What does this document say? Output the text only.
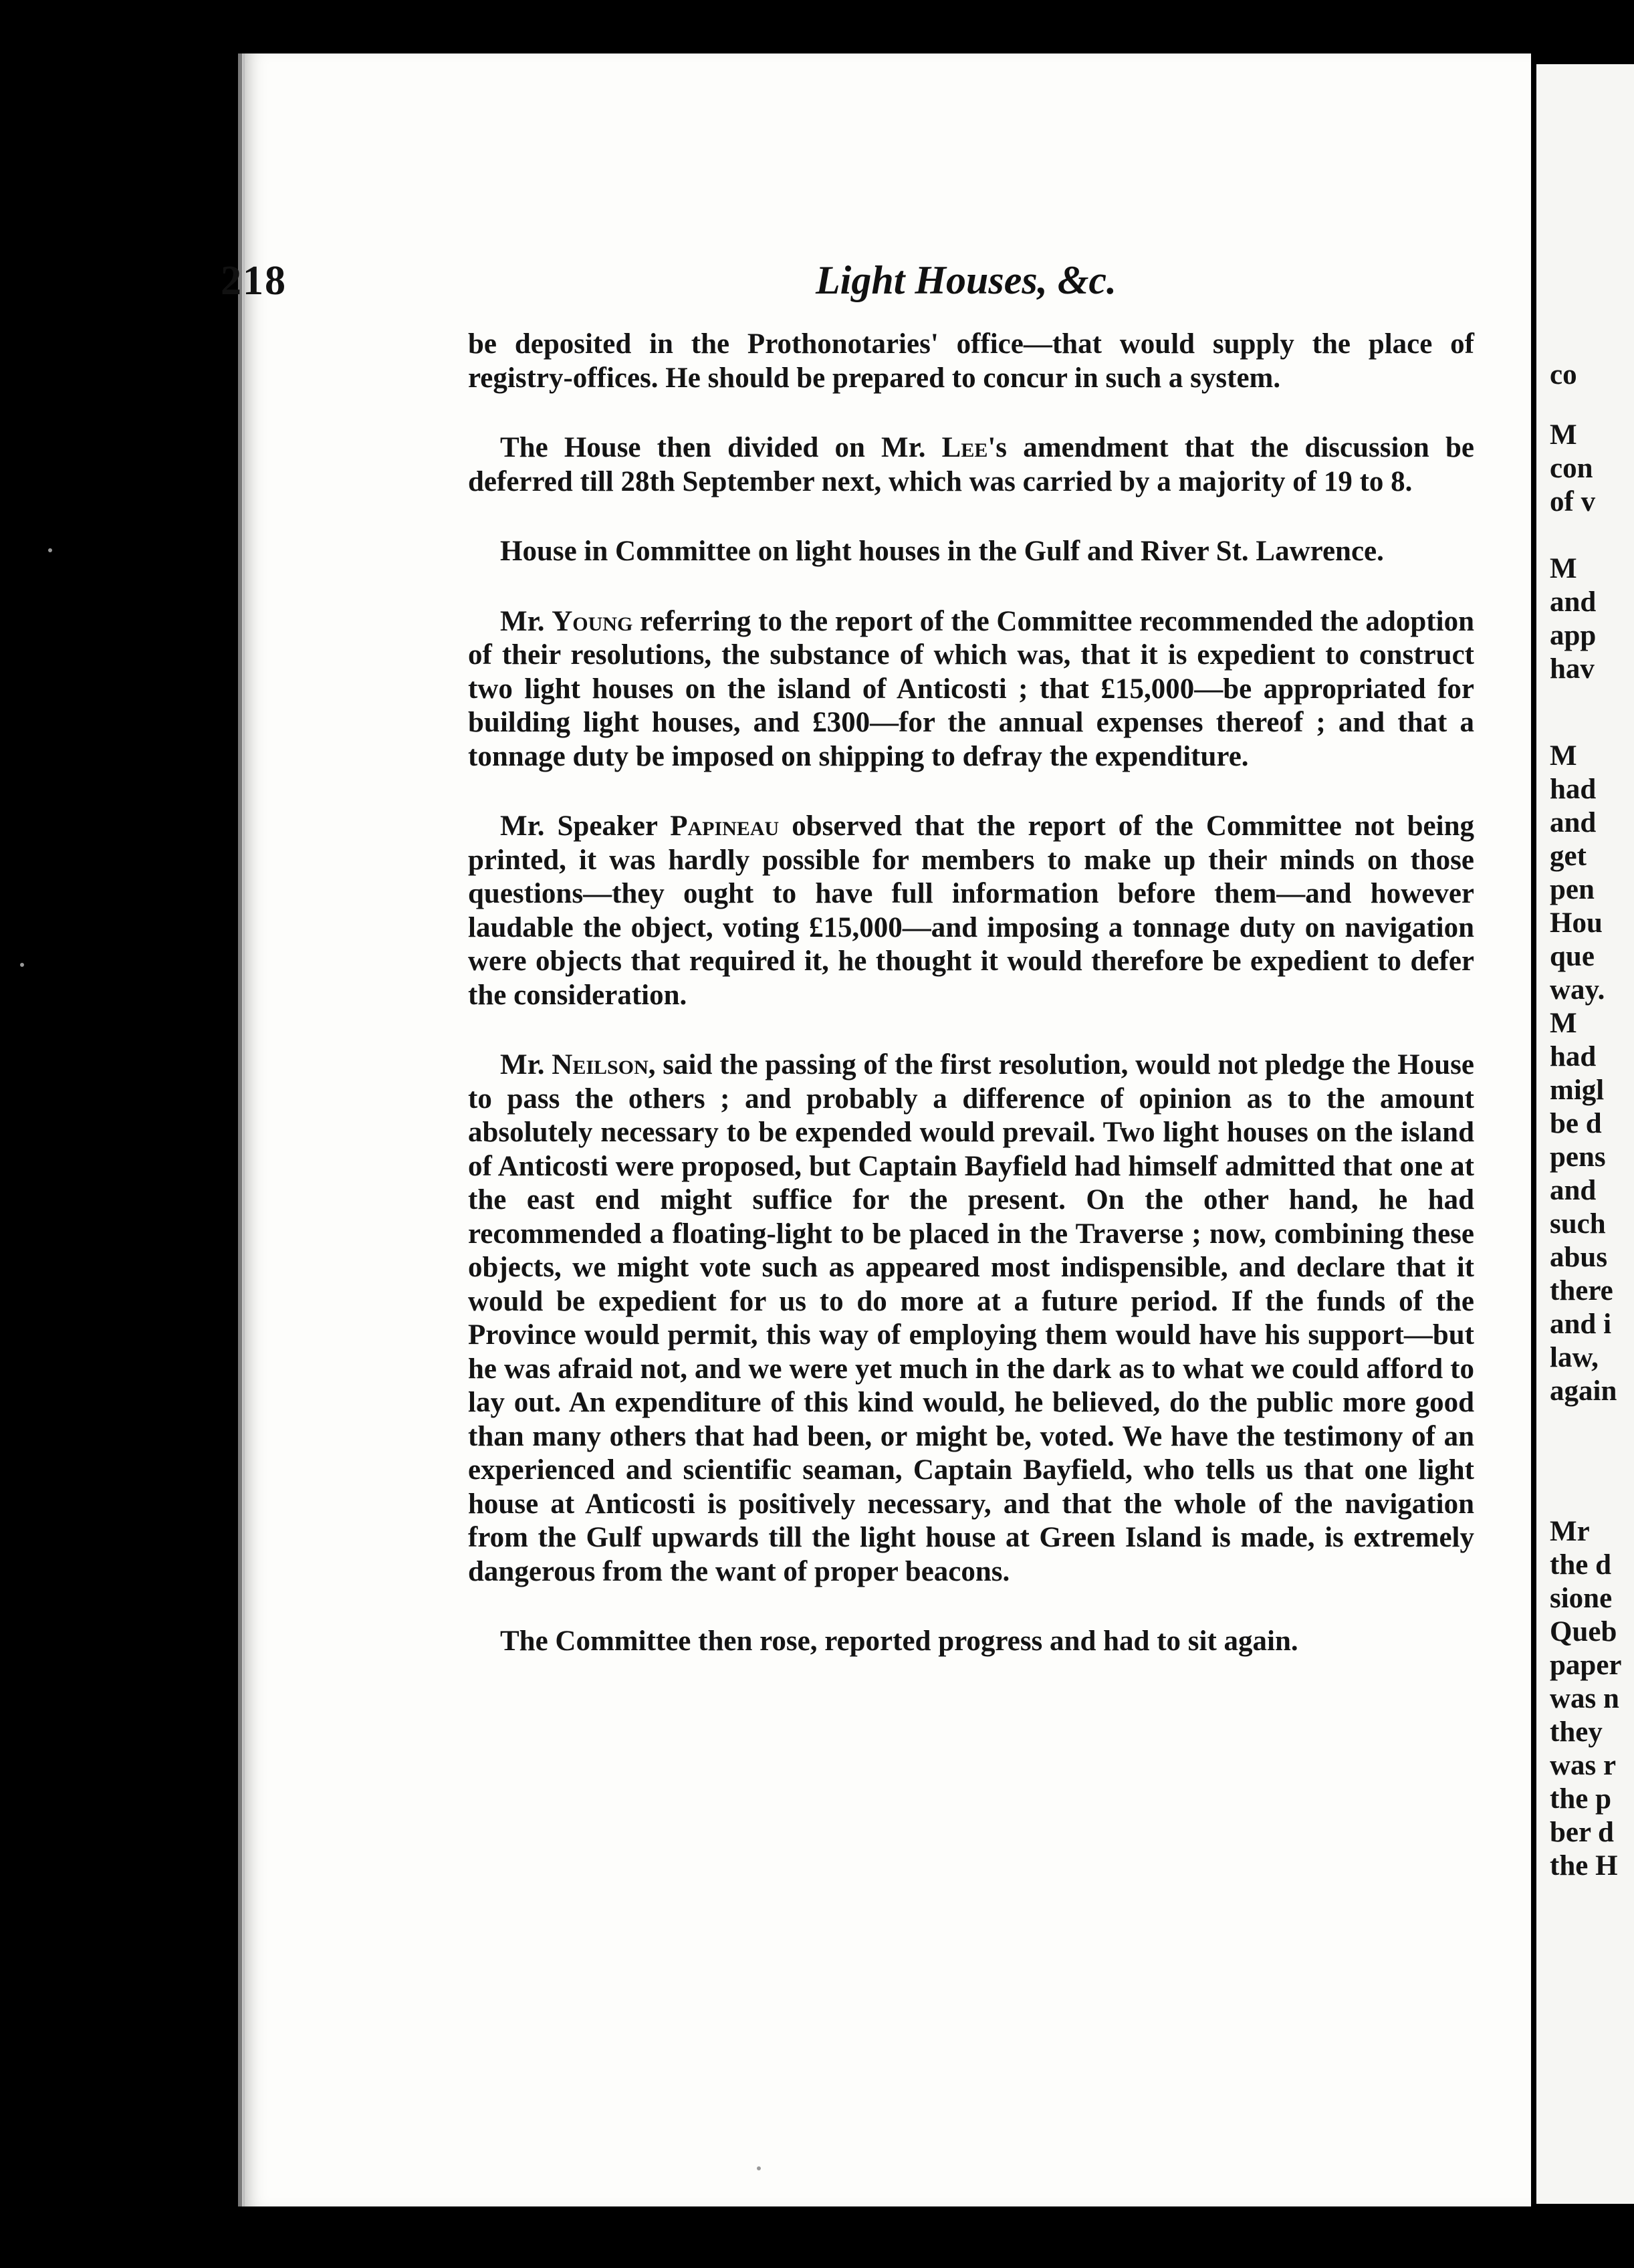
218	Light Houses, &c.

be deposited in the Prothonotaries' office—that would supply the place of registry-offices. He should be prepared to concur in such a system.

The House then divided on Mr. Lee's amendment that the discussion be deferred till 28th September next, which was carried by a majority of 19 to 8.

House in Committee on light houses in the Gulf and River St. Lawrence.

Mr. Young referring to the report of the Committee recommended the adoption of their resolutions, the substance of which was, that it is expedient to construct two light houses on the island of Anticosti ; that £15,000—be appropriated for building light houses, and £300—for the annual expenses thereof ; and that a tonnage duty be imposed on shipping to defray the expenditure.

Mr. Speaker Papineau observed that the report of the Committee not being printed, it was hardly possible for members to make up their minds on those questions—they ought to have full information before them—and however laudable the object, voting £15,000—and imposing a tonnage duty on navigation were objects that required it, he thought it would therefore be expedient to defer the consideration.

Mr. Neilson, said the passing of the first resolution, would not pledge the House to pass the others ; and probably a difference of opinion as to the amount absolutely necessary to be expended would prevail. Two light houses on the island of Anticosti were proposed, but Captain Bayfield had himself admitted that one at the east end might suffice for the present. On the other hand, he had recommended a floating-light to be placed in the Traverse ; now, combining these objects, we might vote such as appeared most indispensible, and declare that it would be expedient for us to do more at a future period. If the funds of the Province would permit, this way of employing them would have his support—but he was afraid not, and we were yet much in the dark as to what we could afford to lay out. An expenditure of this kind would, he believed, do the public more good than many others that had been, or might be, voted. We have the testimony of an experienced and scientific seaman, Captain Bayfield, who tells us that one light house at Anticosti is positively necessary, and that the whole of the navigation from the Gulf upwards till the light house at Green Island is made, is extremely dangerous from the want of proper beacons.

The Committee then rose, reported progress and had to sit again.

co
M
con
of v
M
and
app
hav
M
had
and
get
pen
Hou
que
way.
M
had
migl
be d
pens
and
such
abus
there
and i
law,
again
Mr
the d
sione
Queb
paper
was n
they
was r
the p
ber d
the H
